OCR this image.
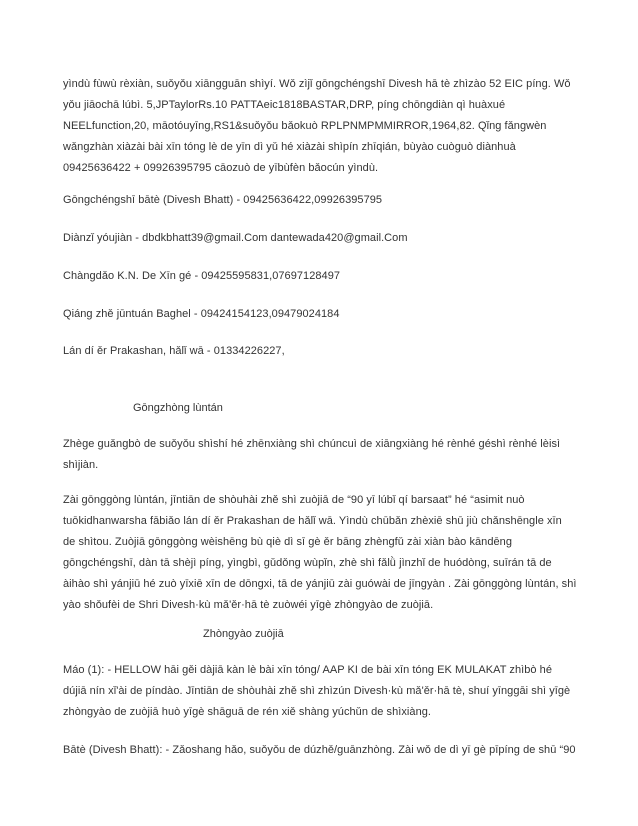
yìndù fùwù rèxiàn, suǒyǒu xiāngguān shìyí. Wǒ zìjǐ gōngchéngshī Divesh hā tè zhìzào 52 EIC píng. Wǒ yǒu jiāochā lúbì. 5,JPTaylorRs.10 PATTAeic1818BASTAR,DRP, píng chōngdiàn qì huàxué NEELfunction,20, māotóuyīng,RS1&suǒyǒu bǎokuò RPLPNMPMMIRROR,1964,82. Qǐng fǎngwèn wǎngzhàn xiàzài bài xīn tóng lè de yīn dì yǔ hé xiàzài shìpín zhīqián, bùyào cuòguò diànhuà 09425636422 + 09926395795 cāozuò de yībùfèn bǎocún yìndù.

Gōngchéngshī bātè (Divesh Bhatt) - 09425636422,09926395795

Diànzǐ yóujiàn - dbdkbhatt39@gmail.Com dantewada420@gmail.Com

Chàngdǎo K.N. De Xīn gé - 09425595831,07697128497

Qiáng zhě jūntuán Baghel - 09424154123,09479024184

Lán dí ěr Prakashan, hǎlǐ wā - 01334226227,

Gōngzhòng lùntán

Zhège guǎngbò de suǒyǒu shìshí hé zhēnxiàng shì chúncuì de xiāngxiàng hé rènhé géshì rènhé lèisì shìjiàn.

Zài gōnggòng lùntán, jīntiān de shòuhài zhě shì zuòjiā de “90 yī lúbǐ qí barsaat” hé “asimit nuò tuōkidhanwarsha fābiǎo lán dí ěr Prakashan de hǎlǐ wā. Yìndù chūbǎn zhèxiē shū jiù chǎnshēngle xīn de shìtou. Zuòjiā gōnggòng wèishēng bù qiè dì sī gè ěr bāng zhèngfǔ zài xiàn bào kāndēng gōngchéngshī, dàn tā shèjì píng, yìngbì, gǔdǒng wùpǐn, zhè shì fǎlǜ jìnzhǐ de huódòng, suīrán tā de àihào shì yánjiū hé zuò yīxiē xīn de dōngxi, tā de yánjiū zài guówài de jīngyàn . Zài gōnggòng lùntán, shì yào shǒufèi de Shri Divesh·kù mǎ'ěr·hā tè zuòwéi yīgè zhòngyào de zuòjiā.

Zhòngyào zuòjiā

Máo (1): - HELLOW hāi gěi dàjiā kàn lè bài xīn tóng/ AAP KI de bài xīn tóng EK MULAKAT zhìbò hé dújiā nín xǐ'ài de píndào. Jīntiān de shòuhài zhě shì zhìzún Divesh·kù mǎ'ěr·hā tè, shuí yīnggāi shì yīgè zhòngyào de zuòjiā huò yīgè shāguā de rén xiě shàng yúchǔn de shìxiàng.

Bātè (Divesh Bhatt): - Zǎoshang hǎo, suǒyǒu de dúzhě/guānzhòng. Zài wǒ de dì yī gè pīpíng de shū “90
